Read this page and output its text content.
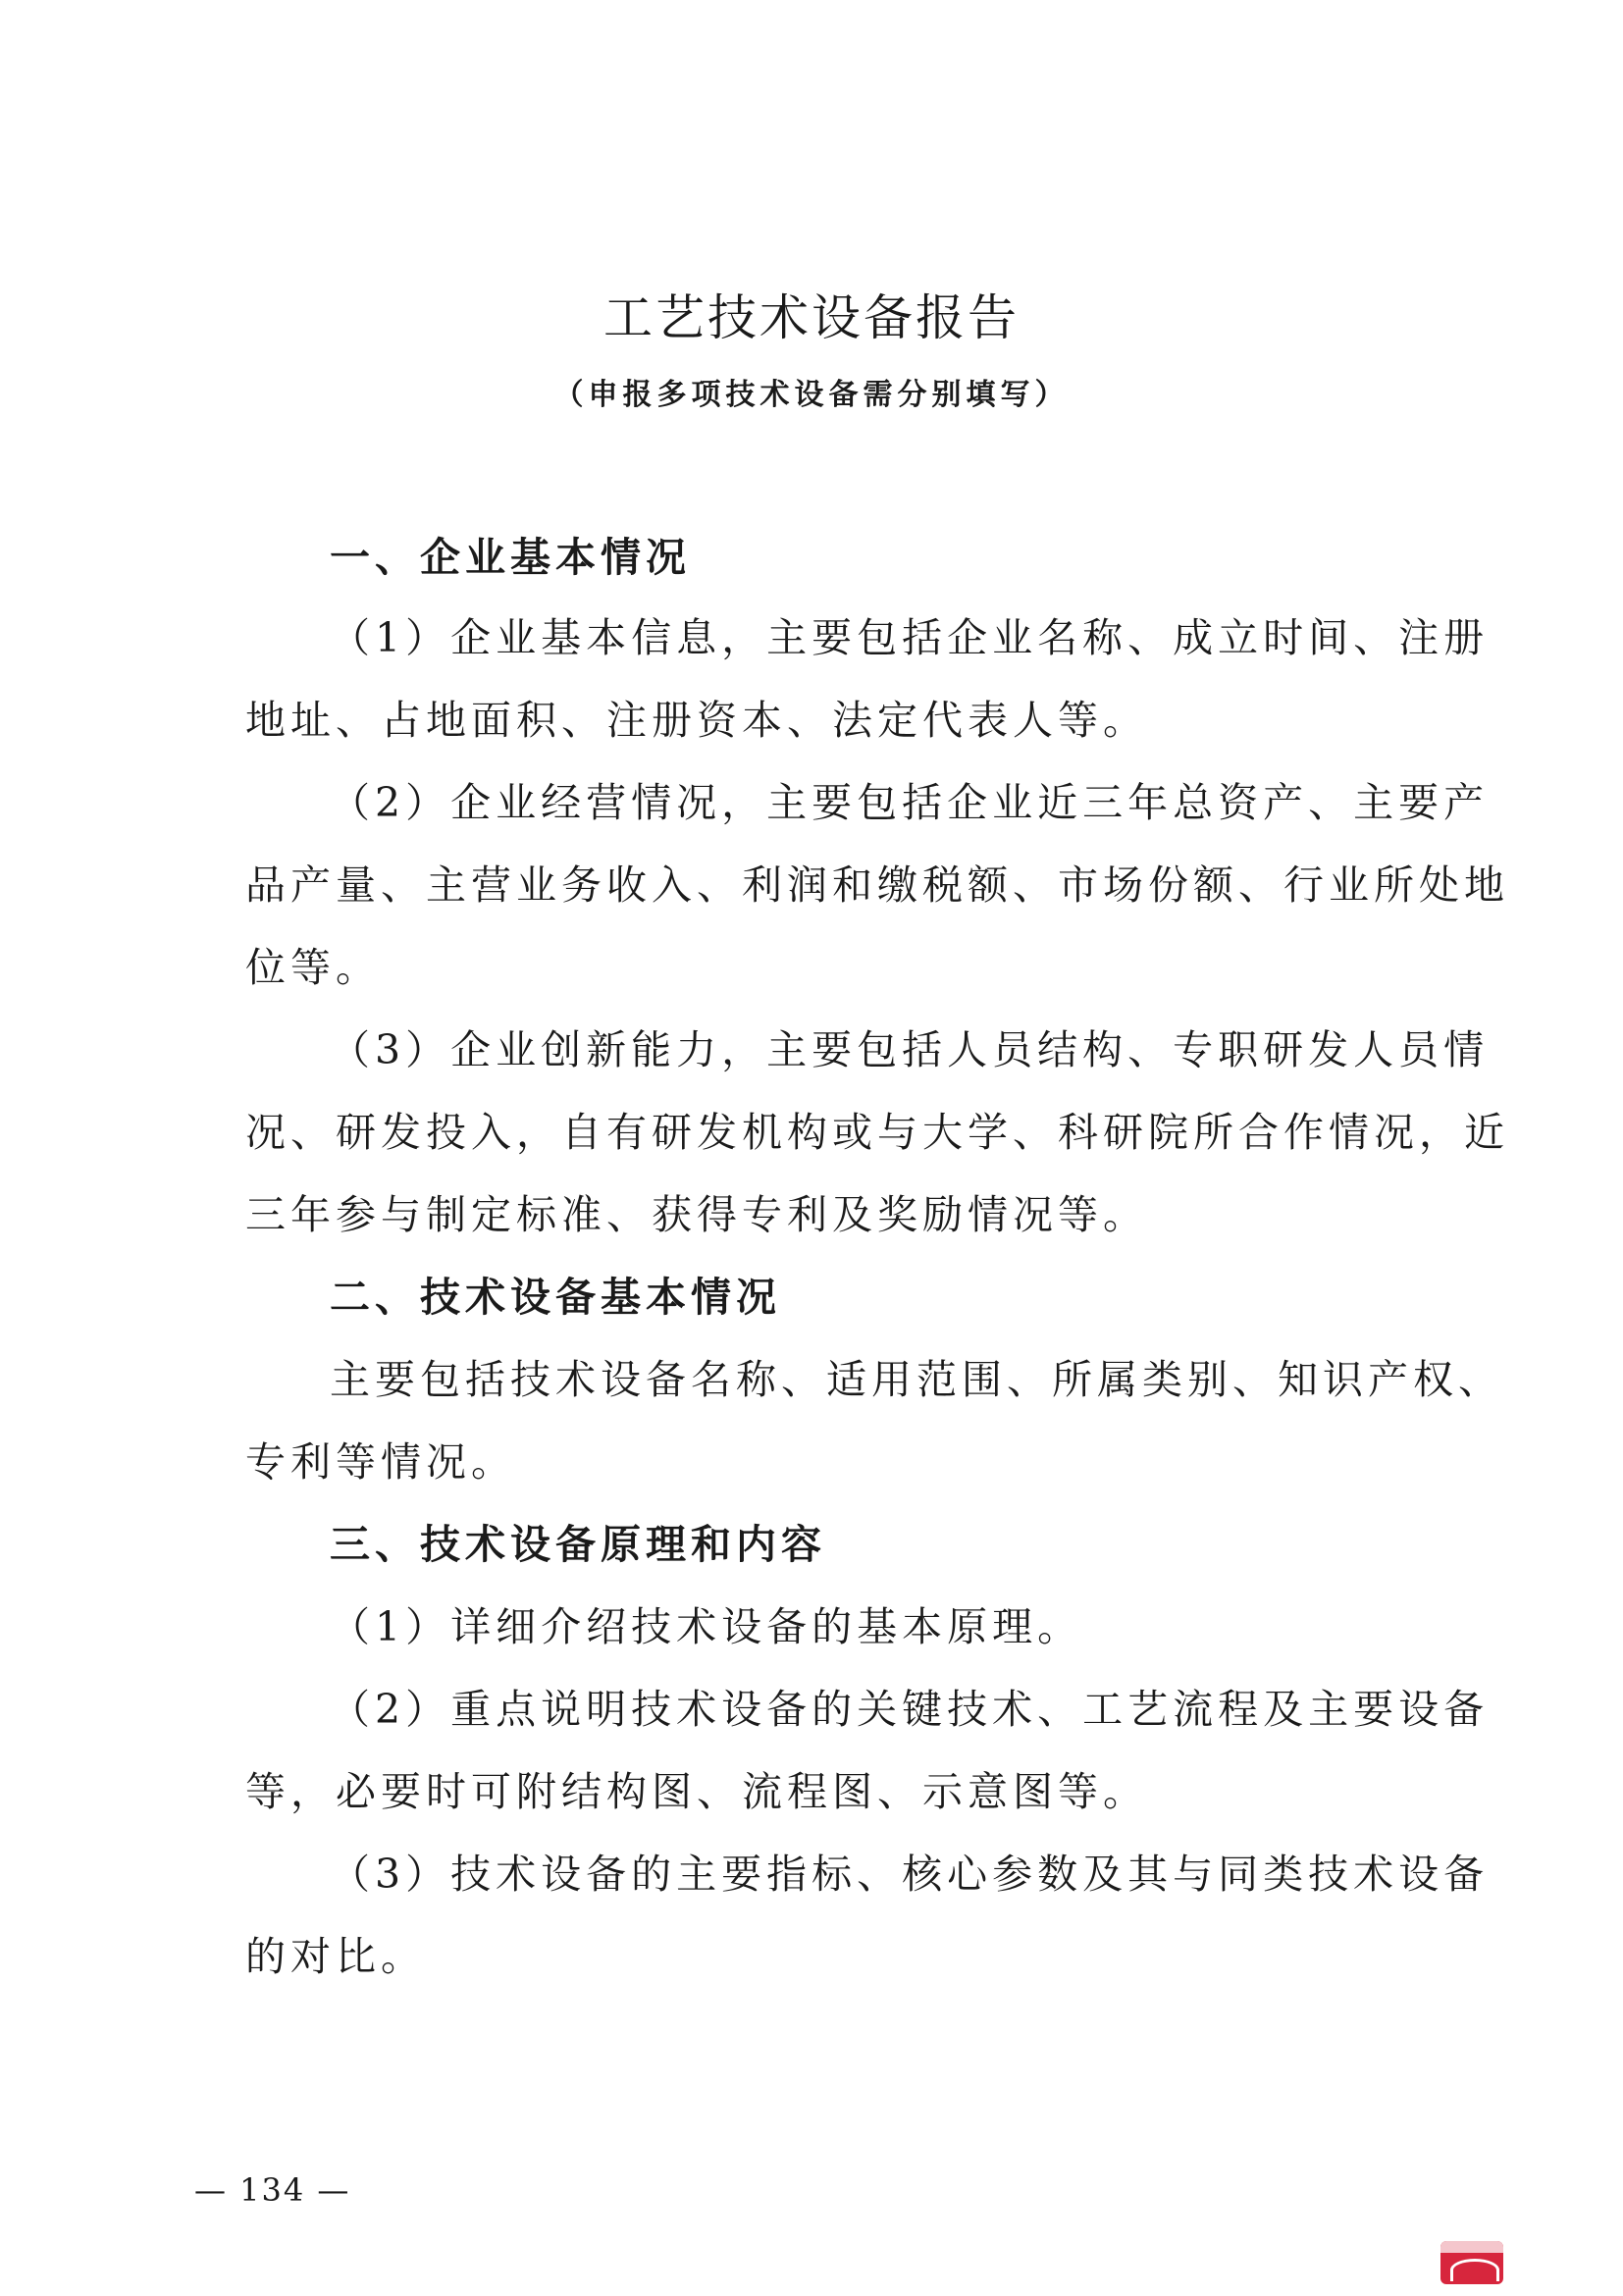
工艺技术设备报告
（申报多项技术设备需分别填写）
一、企业基本情况
（1）企业基本信息，主要包括企业名称、成立时间、注册
地址、占地面积、注册资本、法定代表人等。
（2）企业经营情况，主要包括企业近三年总资产、主要产
品产量、主营业务收入、利润和缴税额、市场份额、行业所处地
位等。
（3）企业创新能力，主要包括人员结构、专职研发人员情
况、研发投入，自有研发机构或与大学、科研院所合作情况，近
三年参与制定标准、获得专利及奖励情况等。
二、技术设备基本情况
主要包括技术设备名称、适用范围、所属类别、知识产权、
专利等情况。
三、技术设备原理和内容
（1）详细介绍技术设备的基本原理。
（2）重点说明技术设备的关键技术、工艺流程及主要设备
等，必要时可附结构图、流程图、示意图等。
（3）技术设备的主要指标、核心参数及其与同类技术设备
的对比。
— 134 —
